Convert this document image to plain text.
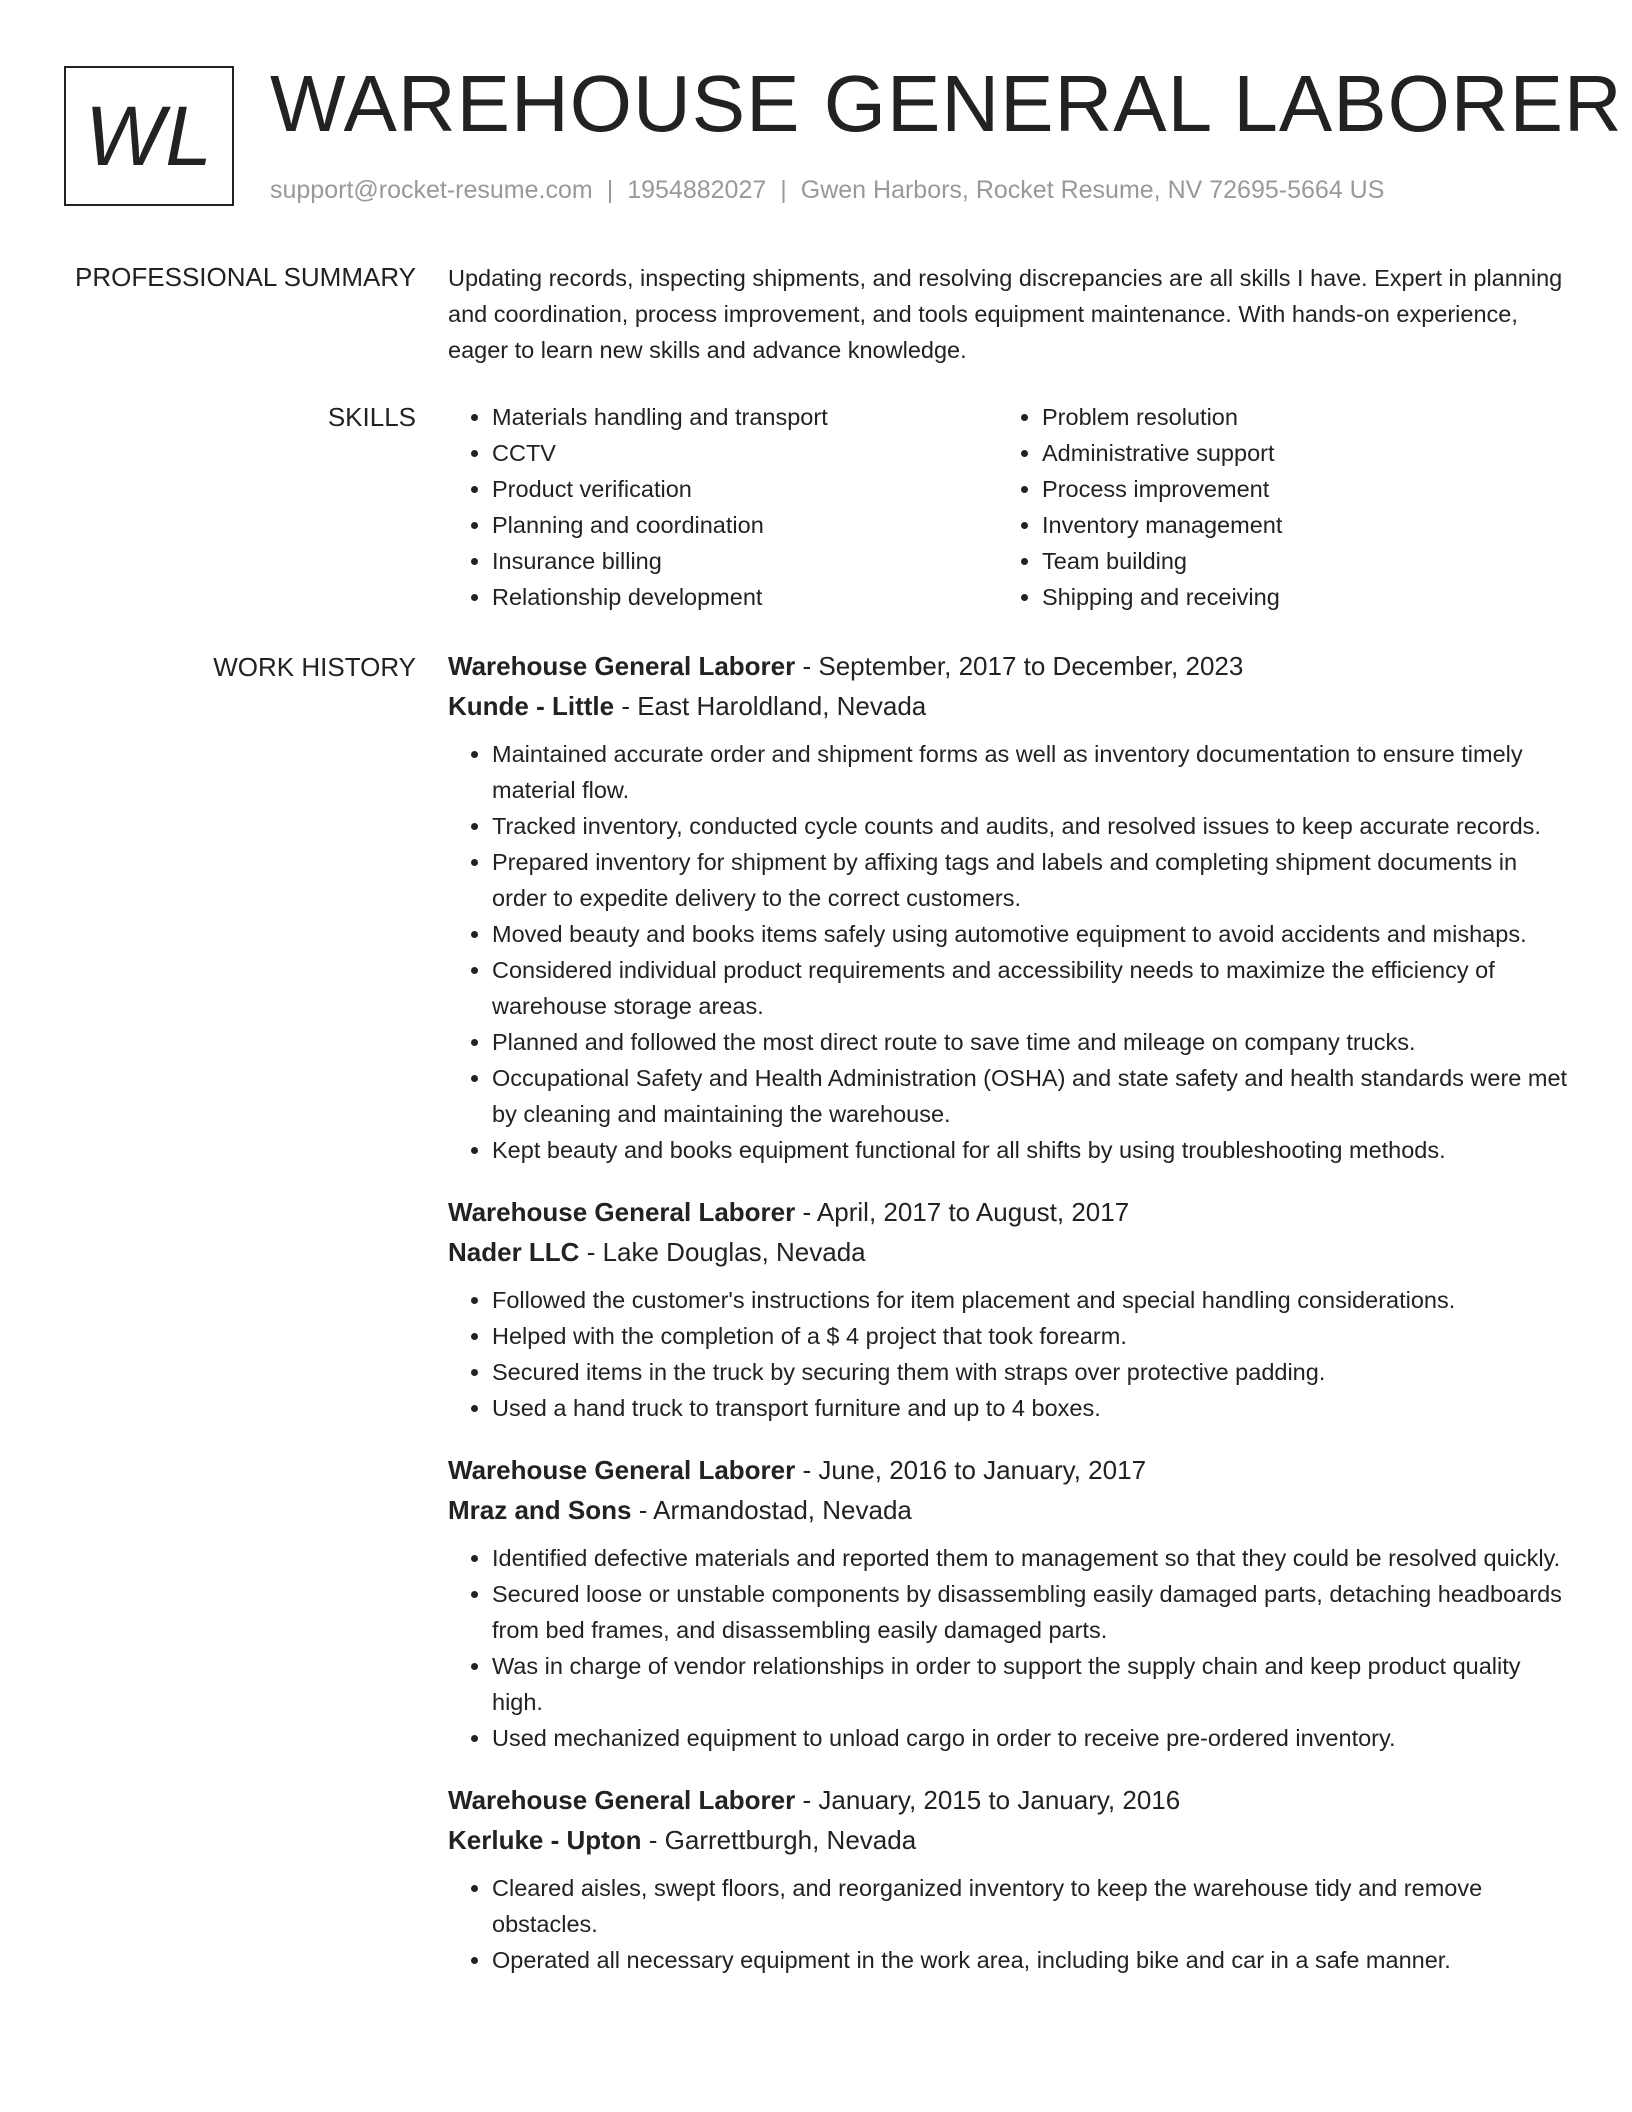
WL WAREHOUSE GENERAL LABORER
support@rocket-resume.com | 1954882027 | Gwen Harbors, Rocket Resume, NV 72695-5664 US
PROFESSIONAL SUMMARY Updating records, inspecting shipments, and resolving discrepancies are all skills I have. Expert in planning and coordination, process improvement, and tools equipment maintenance. With hands-on experience, eager to learn new skills and advance knowledge.

SKILLS
•	Materials handling and transport
• CCTV
• Product verification
• Planning and coordination
• Insurance billing
• Relationship development
• Problem resolution
• Administrative support
• Process improvement
• Inventory management
• Team building
• Shipping and receiving
WORK HISTORY Warehouse General Laborer - September, 2017 to December, 2023
Kunde - Little - East Haroldland, Nevada
• Maintained accurate order and shipment forms as well as inventory documentation to ensure timely material flow.
• Tracked inventory, conducted cycle counts and audits, and resolved issues to keep accurate records.
• Prepared inventory for shipment by affixing tags and labels and completing shipment documents in order to expedite delivery to the correct customers.
• Moved beauty and books items safely using automotive equipment to avoid accidents and mishaps.
• Considered individual product requirements and accessibility needs to maximize the efficiency of warehouse storage areas.
• Planned and followed the most direct route to save time and mileage on company trucks.
• Occupational Safety and Health Administration (OSHA) and state safety and health standards were met by cleaning and maintaining the warehouse.
• Kept beauty and books equipment functional for all shifts by using troubleshooting methods.
Warehouse General Laborer - April, 2017 to August, 2017
Nader LLC - Lake Douglas, Nevada
• Followed the customer's instructions for item placement and special handling considerations.
• Helped with the completion of a $ 4 project that took forearm.
• Secured items in the truck by securing them with straps over protective padding.
• Used a hand truck to transport furniture and up to 4 boxes.
Warehouse General Laborer - June, 2016 to January, 2017
Mraz and Sons - Armandostad, Nevada
• Identified defective materials and reported them to management so that they could be resolved quickly.
• Secured loose or unstable components by disassembling easily damaged parts, detaching headboards from bed frames, and disassembling easily damaged parts.
• Was in charge of vendor relationships in order to support the supply chain and keep product quality high.
• Used mechanized equipment to unload cargo in order to receive pre-ordered inventory.
Warehouse General Laborer - January, 2015 to January, 2016
Kerluke - Upton - Garrettburgh, Nevada
• Cleared aisles, swept floors, and reorganized inventory to keep the warehouse tidy and remove obstacles.
• Operated all necessary equipment in the work area, including bike and car in a safe manner.
